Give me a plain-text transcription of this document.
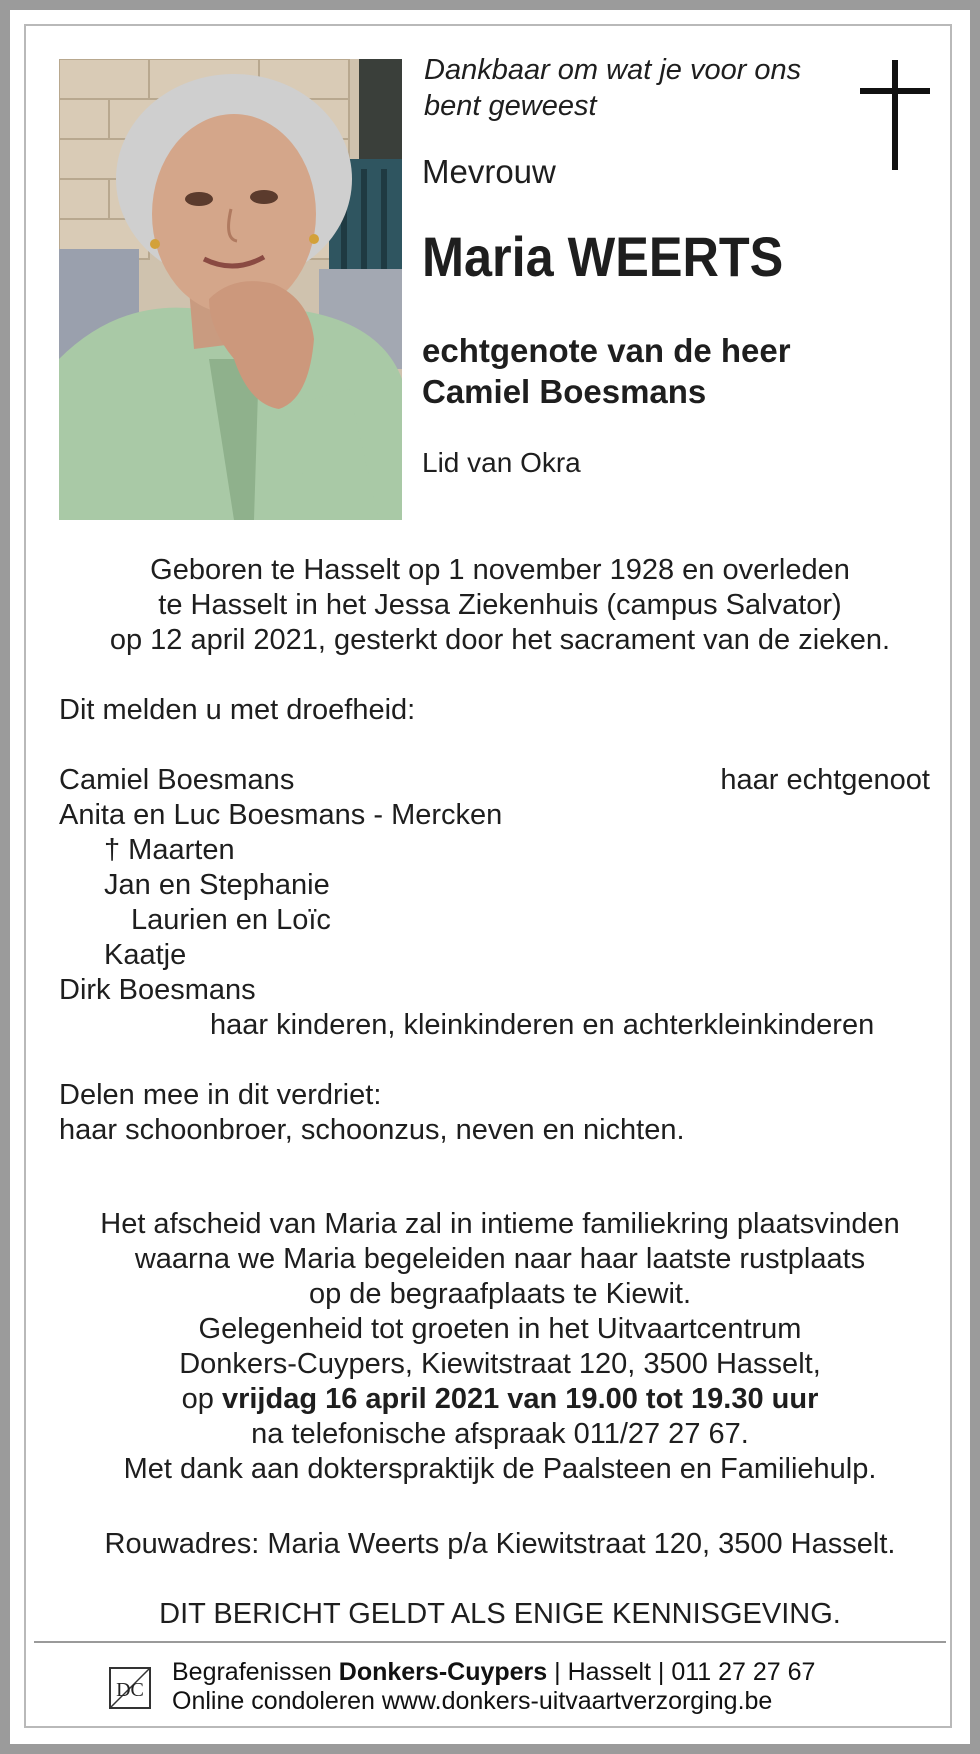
Dankbaar om wat je voor ons
bent geweest
Mevrouw
Maria WEERTS
echtgenote van de heer
Camiel Boesmans
Lid van Okra
Geboren te Hasselt op 1 november 1928 en overleden
te Hasselt in het Jessa Ziekenhuis (campus Salvator)
op 12 april 2021, gesterkt door het sacrament van de zieken.
Dit melden u met droefheid:
Camiel Boesmans	haar echtgenoot
Anita en Luc Boesmans - Mercken
† Maarten
Jan en Stephanie
Laurien en Loïc
Kaatje
Dirk Boesmans
haar kinderen, kleinkinderen en achterkleinkinderen
Delen mee in dit verdriet:
haar schoonbroer, schoonzus, neven en nichten.
Het afscheid van Maria zal in intieme familiekring plaatsvinden
waarna we Maria begeleiden naar haar laatste rustplaats
op de begraafplaats te Kiewit.
Gelegenheid tot groeten in het Uitvaartcentrum
Donkers-Cuypers, Kiewitstraat 120, 3500 Hasselt,
op vrijdag 16 april 2021 van 19.00 tot 19.30 uur
na telefonische afspraak 011/27 27 67.
Met dank aan dokterspraktijk de Paalsteen en Familiehulp.
Rouwadres: Maria Weerts p/a Kiewitstraat 120, 3500 Hasselt.
DIT BERICHT GELDT ALS ENIGE KENNISGEVING.
DC
Begrafenissen Donkers-Cuypers | Hasselt | 011 27 27 67
Online condoleren www.donkers-uitvaartverzorging.be
